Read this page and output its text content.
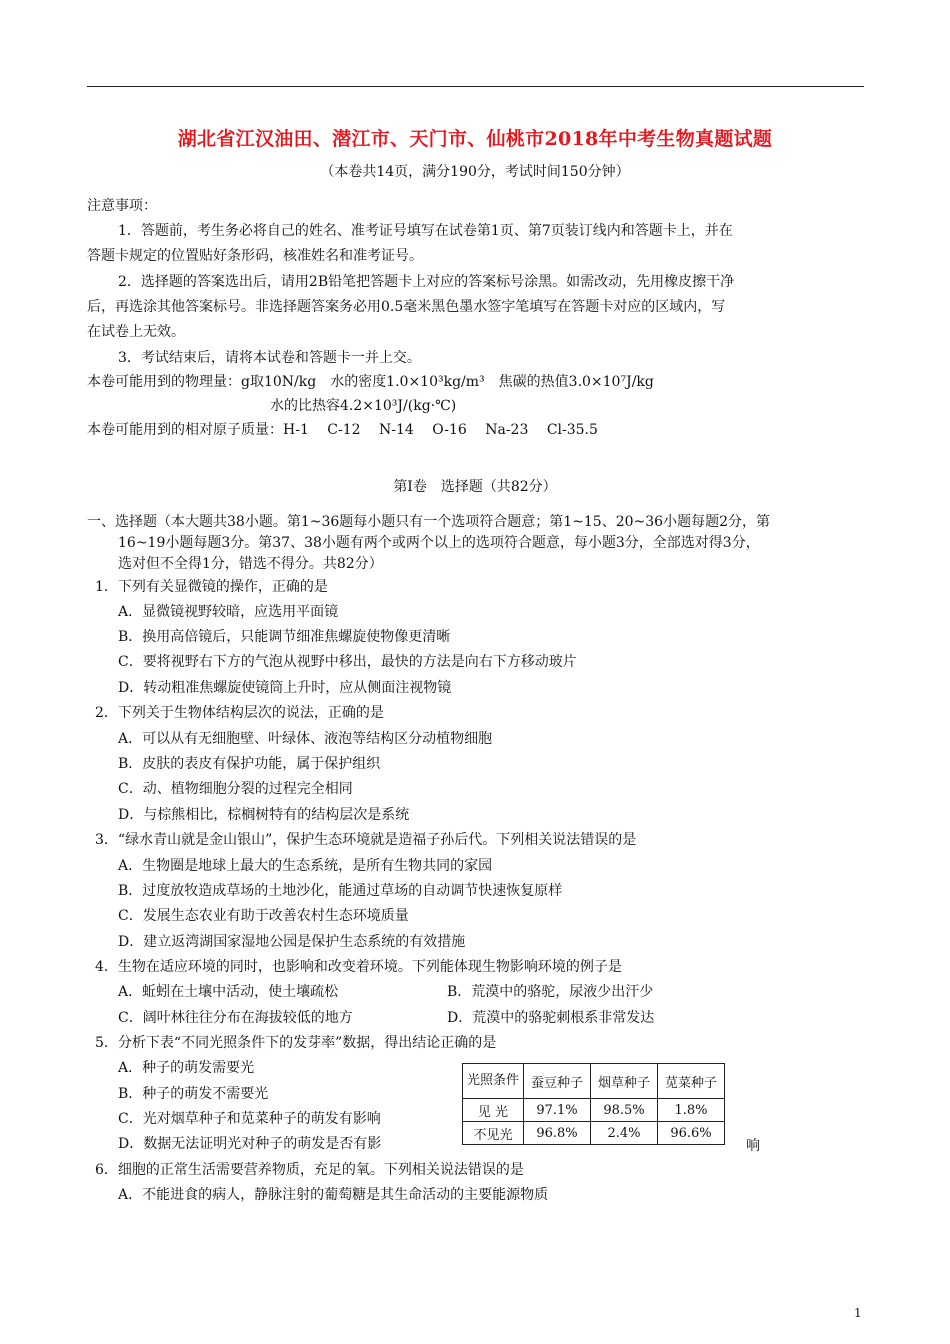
湖北省江汉油田、潜江市、天门市、仙桃市2018年中考生物真题试题
（本卷共14页，满分190分，考试时间150分钟）
注意事项：
1．答题前，考生务必将自己的姓名、准考证号填写在试卷第1页、第7页装订线内和答题卡上，并在
答题卡规定的位置贴好条形码，核准姓名和准考证号。
2．选择题的答案选出后，请用2B铅笔把答题卡上对应的答案标号涂黑。如需改动，先用橡皮擦干净
后，再选涂其他答案标号。非选择题答案务必用0.5毫米黑色墨水签字笔填写在答题卡对应的区域内，写
在试卷上无效。
3．考试结束后，请将本试卷和答题卡一并上交。
本卷可能用到的物理量：g取10N/kg　水的密度1.0×10³kg/m³　焦碳的热值3.0×10⁷J/kg
水的比热容4.2×10³J/(kg·℃)
本卷可能用到的相对原子质量：H-1　 C-12　 N-14　 O-16　 Na-23　 Cl-35.5
第Ⅰ卷　选择题（共82分）
一、选择题（本大题共38小题。第1~36题每小题只有一个选项符合题意；第1~15、20~36小题每题2分，第
16~19小题每题3分。第37、38小题有两个或两个以上的选项符合题意，每小题3分，全部选对得3分，
选对但不全得1分，错选不得分。共82分）
1．下列有关显微镜的操作，正确的是
A．显微镜视野较暗，应选用平面镜
B．换用高倍镜后，只能调节细准焦螺旋使物像更清晰
C．要将视野右下方的气泡从视野中移出，最快的方法是向右下方移动玻片
D．转动粗准焦螺旋使镜筒上升时，应从侧面注视物镜
2．下列关于生物体结构层次的说法，正确的是
A．可以从有无细胞壁、叶绿体、液泡等结构区分动植物细胞
B．皮肤的表皮有保护功能，属于保护组织
C．动、植物细胞分裂的过程完全相同
D．与棕熊相比，棕榈树特有的结构层次是系统
3．“绿水青山就是金山银山”，保护生态环境就是造福子孙后代。下列相关说法错误的是
A．生物圈是地球上最大的生态系统，是所有生物共同的家园
B．过度放牧造成草场的土地沙化，能通过草场的自动调节快速恢复原样
C．发展生态农业有助于改善农村生态环境质量
D．建立返湾湖国家湿地公园是保护生态系统的有效措施
4．生物在适应环境的同时，也影响和改变着环境。下列能体现生物影响环境的例子是
A．蚯蚓在土壤中活动，使土壤疏松	B．荒漠中的骆驼，尿液少出汗少
C．阔叶林往往分布在海拔较低的地方	D．荒漠中的骆驼刺根系非常发达
5．分析下表“不同光照条件下的发芽率”数据，得出结论正确的是
A．种子的萌发需要光
B．种子的萌发不需要光
C．光对烟草种子和苋菜种子的萌发有影响
D．数据无法证明光对种子的萌发是否有影	响
光照条件	蚕豆种子	烟草种子	苋菜种子
见 光	97.1%	98.5%	1.8%
不见光	96.8%	2.4%	96.6%
6．细胞的正常生活需要营养物质，充足的氧。下列相关说法错误的是
A．不能进食的病人，静脉注射的葡萄糖是其生命活动的主要能源物质
1
